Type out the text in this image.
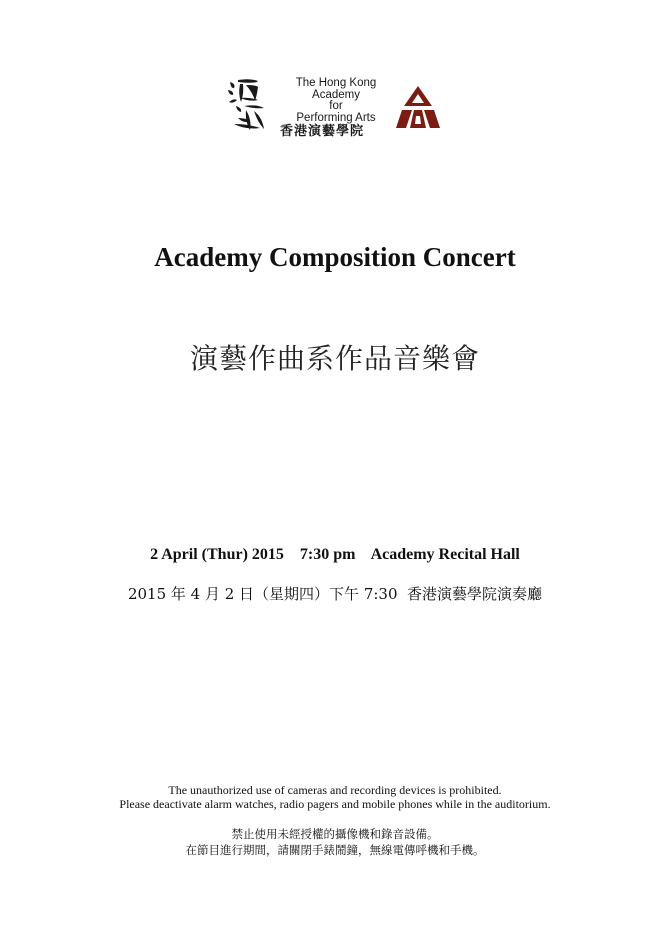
The Hong Kong Academy
for
Performing Arts
香港演藝學院
Academy Composition Concert
演藝作曲系作品音樂會
2 April (Thur) 2015    7:30 pm    Academy Recital Hall
2015 年 4 月 2 日（星期四）下午 7:30  香港演藝學院演奏廳
The unauthorized use of cameras and recording devices is prohibited.
Please deactivate alarm watches, radio pagers and mobile phones while in the auditorium.
禁止使用未經授權的攝像機和錄音設備。
在節目進行期間，請關閉手錶鬧鐘，無線電傳呼機和手機。
